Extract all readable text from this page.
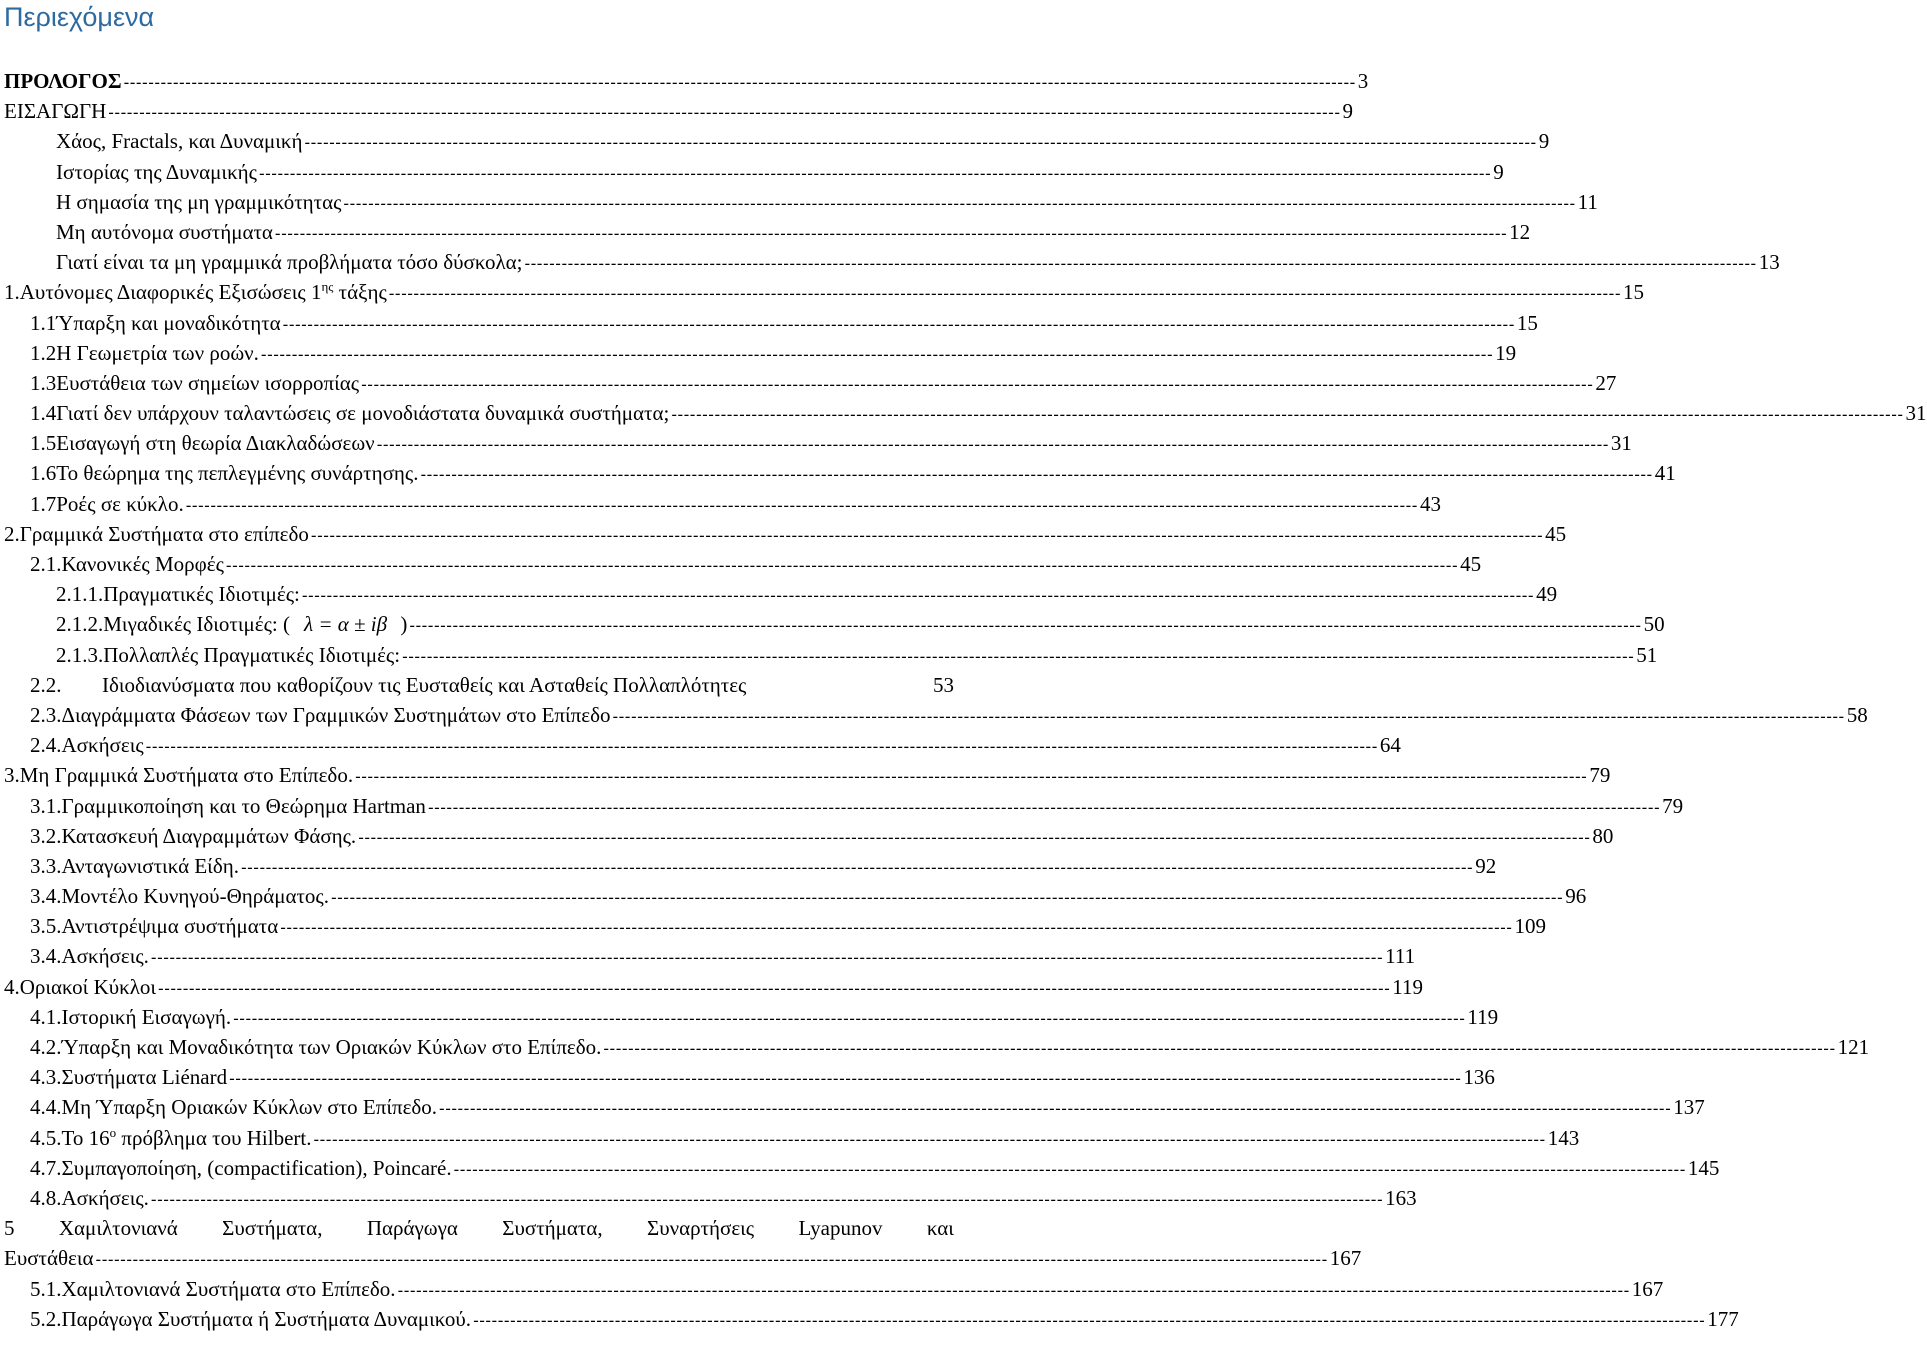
Περιεχόμενα
ΠΡΟΛΟΓΟΣ -------------------------------------------------------------------------------------------------------------------------------------------------------------------------------------------------------- 3
ΕΙΣΑΓΩΓΗ -------------------------------------------------------------------------------------------------------------------------------------------------------------------------------------------------------- 9
Χάος, Fractals, και Δυναμική -------------------------------------------------------------------------------------------------------------------------------------------------------------------------------------------------------- 9
Ιστορίας της Δυναμικής -------------------------------------------------------------------------------------------------------------------------------------------------------------------------------------------------------- 9
Η σημασία της μη γραμμικότητας -------------------------------------------------------------------------------------------------------------------------------------------------------------------------------------------------------- 11
Μη αυτόνομα συστήματα -------------------------------------------------------------------------------------------------------------------------------------------------------------------------------------------------------- 12
Γιατί είναι τα μη γραμμικά προβλήματα τόσο δύσκολα; -------------------------------------------------------------------------------------------------------------------------------------------------------------------------------------------------------- 13
1. Αυτόνομες Διαφορικές Εξισώσεις $1^{\eta\varsigma}$ τάξης -------------------------------------------------------------------------------------------------------------------------------------------------------------------------------------------------------- 15
1.1 Ύπαρξη και μοναδικότητα -------------------------------------------------------------------------------------------------------------------------------------------------------------------------------------------------------- 15
1.2 Η Γεωμετρία των ροών. -------------------------------------------------------------------------------------------------------------------------------------------------------------------------------------------------------- 19
1.3 Ευστάθεια των σημείων ισορροπίας -------------------------------------------------------------------------------------------------------------------------------------------------------------------------------------------------------- 27
1.4 Γιατί δεν υπάρχουν ταλαντώσεις σε μονοδιάστατα δυναμικά συστήματα; -------------------------------------------------------------------------------------------------------------------------------------------------------------------------------------------------------- 31
1.5 Εισαγωγή στη θεωρία Διακλαδώσεων -------------------------------------------------------------------------------------------------------------------------------------------------------------------------------------------------------- 31
1.6 Το θεώρημα της πεπλεγμένης συνάρτησης. -------------------------------------------------------------------------------------------------------------------------------------------------------------------------------------------------------- 41
1.7 Ροές σε κύκλο. -------------------------------------------------------------------------------------------------------------------------------------------------------------------------------------------------------- 43
2. Γραμμικά Συστήματα στο επίπεδο -------------------------------------------------------------------------------------------------------------------------------------------------------------------------------------------------------- 45
2.1. Κανονικές Μορφές -------------------------------------------------------------------------------------------------------------------------------------------------------------------------------------------------------- 45
2.1.1. Πραγματικές Ιδιοτιμές: -------------------------------------------------------------------------------------------------------------------------------------------------------------------------------------------------------- 49
2.1.2. Μιγαδικές Ιδιοτιμές: ( λ = α ± iβ ) -------------------------------------------------------------------------------------------------------------------------------------------------------------------------------------------------------- 50
2.1.3. Πολλαπλές Πραγματικές Ιδιοτιμές: -------------------------------------------------------------------------------------------------------------------------------------------------------------------------------------------------------- 51
2.2.	Ιδιοδιανύσματα που καθορίζουν τις Ευσταθείς και Ασταθείς Πολλαπλότητες	53
2.3. Διαγράμματα Φάσεων των Γραμμικών Συστημάτων στο Επίπεδο -------------------------------------------------------------------------------------------------------------------------------------------------------------------------------------------------------- 58
2.4. Ασκήσεις -------------------------------------------------------------------------------------------------------------------------------------------------------------------------------------------------------- 64
3. Μη Γραμμικά Συστήματα στο Επίπεδο. -------------------------------------------------------------------------------------------------------------------------------------------------------------------------------------------------------- 79
3.1. Γραμμικοποίηση και το Θεώρημα Hartman -------------------------------------------------------------------------------------------------------------------------------------------------------------------------------------------------------- 79
3.2. Κατασκευή Διαγραμμάτων Φάσης. -------------------------------------------------------------------------------------------------------------------------------------------------------------------------------------------------------- 80
3.3. Ανταγωνιστικά Είδη. -------------------------------------------------------------------------------------------------------------------------------------------------------------------------------------------------------- 92
3.4. Μοντέλο Κυνηγού-Θηράματος. -------------------------------------------------------------------------------------------------------------------------------------------------------------------------------------------------------- 96
3.5. Αντιστρέψιμα συστήματα -------------------------------------------------------------------------------------------------------------------------------------------------------------------------------------------------------- 109
3.4. Ασκήσεις. -------------------------------------------------------------------------------------------------------------------------------------------------------------------------------------------------------- 111
4. Οριακοί Κύκλοι -------------------------------------------------------------------------------------------------------------------------------------------------------------------------------------------------------- 119
4.1. Ιστορική Εισαγωγή. -------------------------------------------------------------------------------------------------------------------------------------------------------------------------------------------------------- 119
4.2. Ύπαρξη και Μοναδικότητα των Οριακών Κύκλων στο Επίπεδο. -------------------------------------------------------------------------------------------------------------------------------------------------------------------------------------------------------- 121
4.3. Συστήματα Liénard -------------------------------------------------------------------------------------------------------------------------------------------------------------------------------------------------------- 136
4.4. Μη Ύπαρξη Οριακών Κύκλων στο Επίπεδο. -------------------------------------------------------------------------------------------------------------------------------------------------------------------------------------------------------- 137
4.5. Το $16^o$ πρόβλημα του Hilbert. -------------------------------------------------------------------------------------------------------------------------------------------------------------------------------------------------------- 143
4.7. Συμπαγοποίηση, (compactification), Poincaré. -------------------------------------------------------------------------------------------------------------------------------------------------------------------------------------------------------- 145
4.8. Ασκήσεις. -------------------------------------------------------------------------------------------------------------------------------------------------------------------------------------------------------- 163
5 Χαμιλτονιανά Συστήματα, Παράγωγα Συστήματα, Συναρτήσεις Lyapunov και
Ευστάθεια -------------------------------------------------------------------------------------------------------------------------------------------------------------------------------------------------------- 167
5.1. Χαμιλτονιανά Συστήματα στο Επίπεδο. -------------------------------------------------------------------------------------------------------------------------------------------------------------------------------------------------------- 167
5.2. Παράγωγα Συστήματα ή Συστήματα Δυναμικού. -------------------------------------------------------------------------------------------------------------------------------------------------------------------------------------------------------- 177
